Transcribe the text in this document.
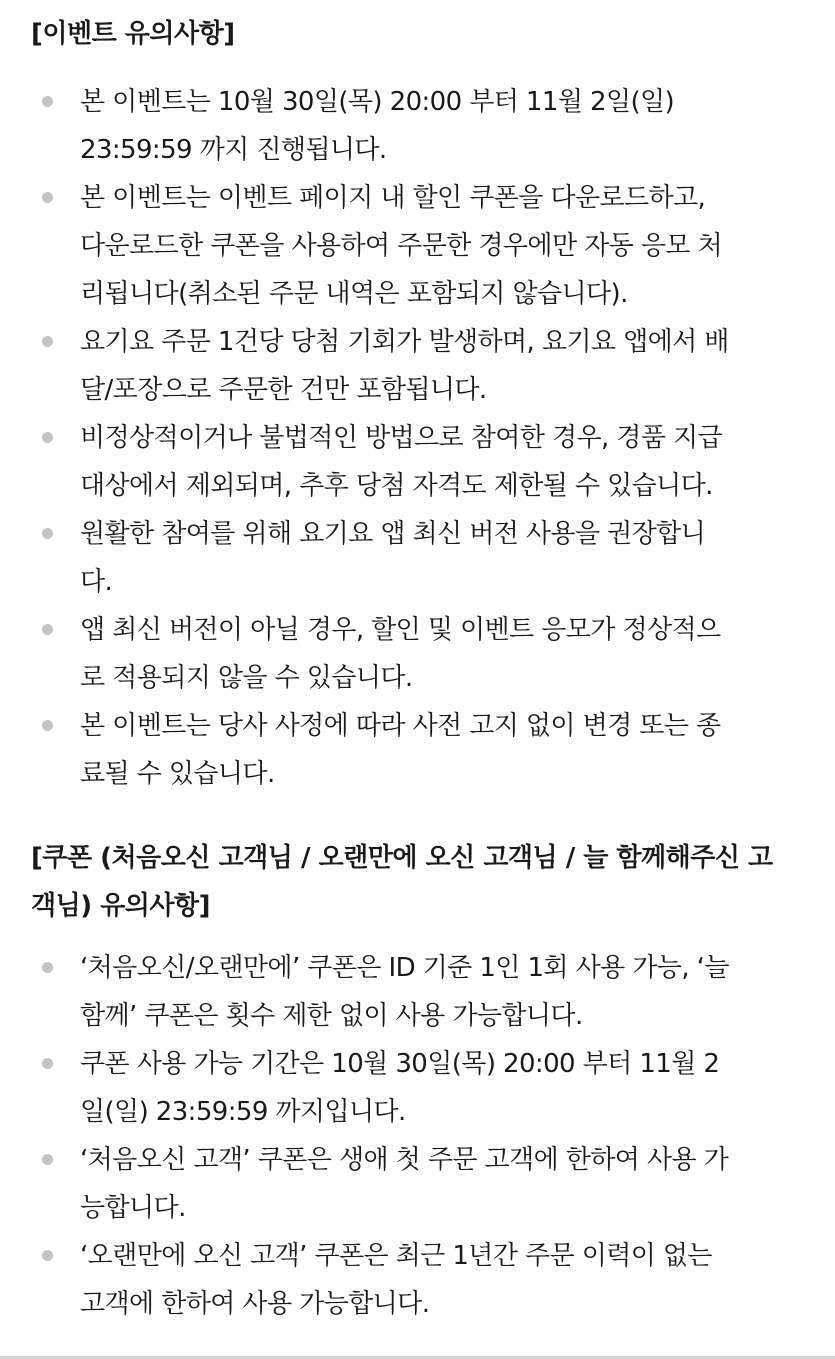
[이벤트 유의사항]
본 이벤트는 10월 30일(목) 20:00 부터 11월 2일(일)
23:59:59 까지 진행됩니다.
본 이벤트는 이벤트 페이지 내 할인 쿠폰을 다운로드하고,
다운로드한 쿠폰을 사용하여 주문한 경우에만 자동 응모 처
리됩니다(취소된 주문 내역은 포함되지 않습니다).
요기요 주문 1건당 당첨 기회가 발생하며, 요기요 앱에서 배
달/포장으로 주문한 건만 포함됩니다.
비정상적이거나 불법적인 방법으로 참여한 경우, 경품 지급
대상에서 제외되며, 추후 당첨 자격도 제한될 수 있습니다.
원활한 참여를 위해 요기요 앱 최신 버전 사용을 권장합니
다.
앱 최신 버전이 아닐 경우, 할인 및 이벤트 응모가 정상적으
로 적용되지 않을 수 있습니다.
본 이벤트는 당사 사정에 따라 사전 고지 없이 변경 또는 종
료될 수 있습니다.
[쿠폰 (처음오신 고객님 / 오랜만에 오신 고객님 / 늘 함께해주신 고
객님) 유의사항]
‘처음오신/오랜만에’ 쿠폰은 ID 기준 1인 1회 사용 가능, ‘늘
함께’ 쿠폰은 횟수 제한 없이 사용 가능합니다.
쿠폰 사용 가능 기간은 10월 30일(목) 20:00 부터 11월 2
일(일) 23:59:59 까지입니다.
‘처음오신 고객’ 쿠폰은 생애 첫 주문 고객에 한하여 사용 가
능합니다.
‘오랜만에 오신 고객’ 쿠폰은 최근 1년간 주문 이력이 없는
고객에 한하여 사용 가능합니다.
